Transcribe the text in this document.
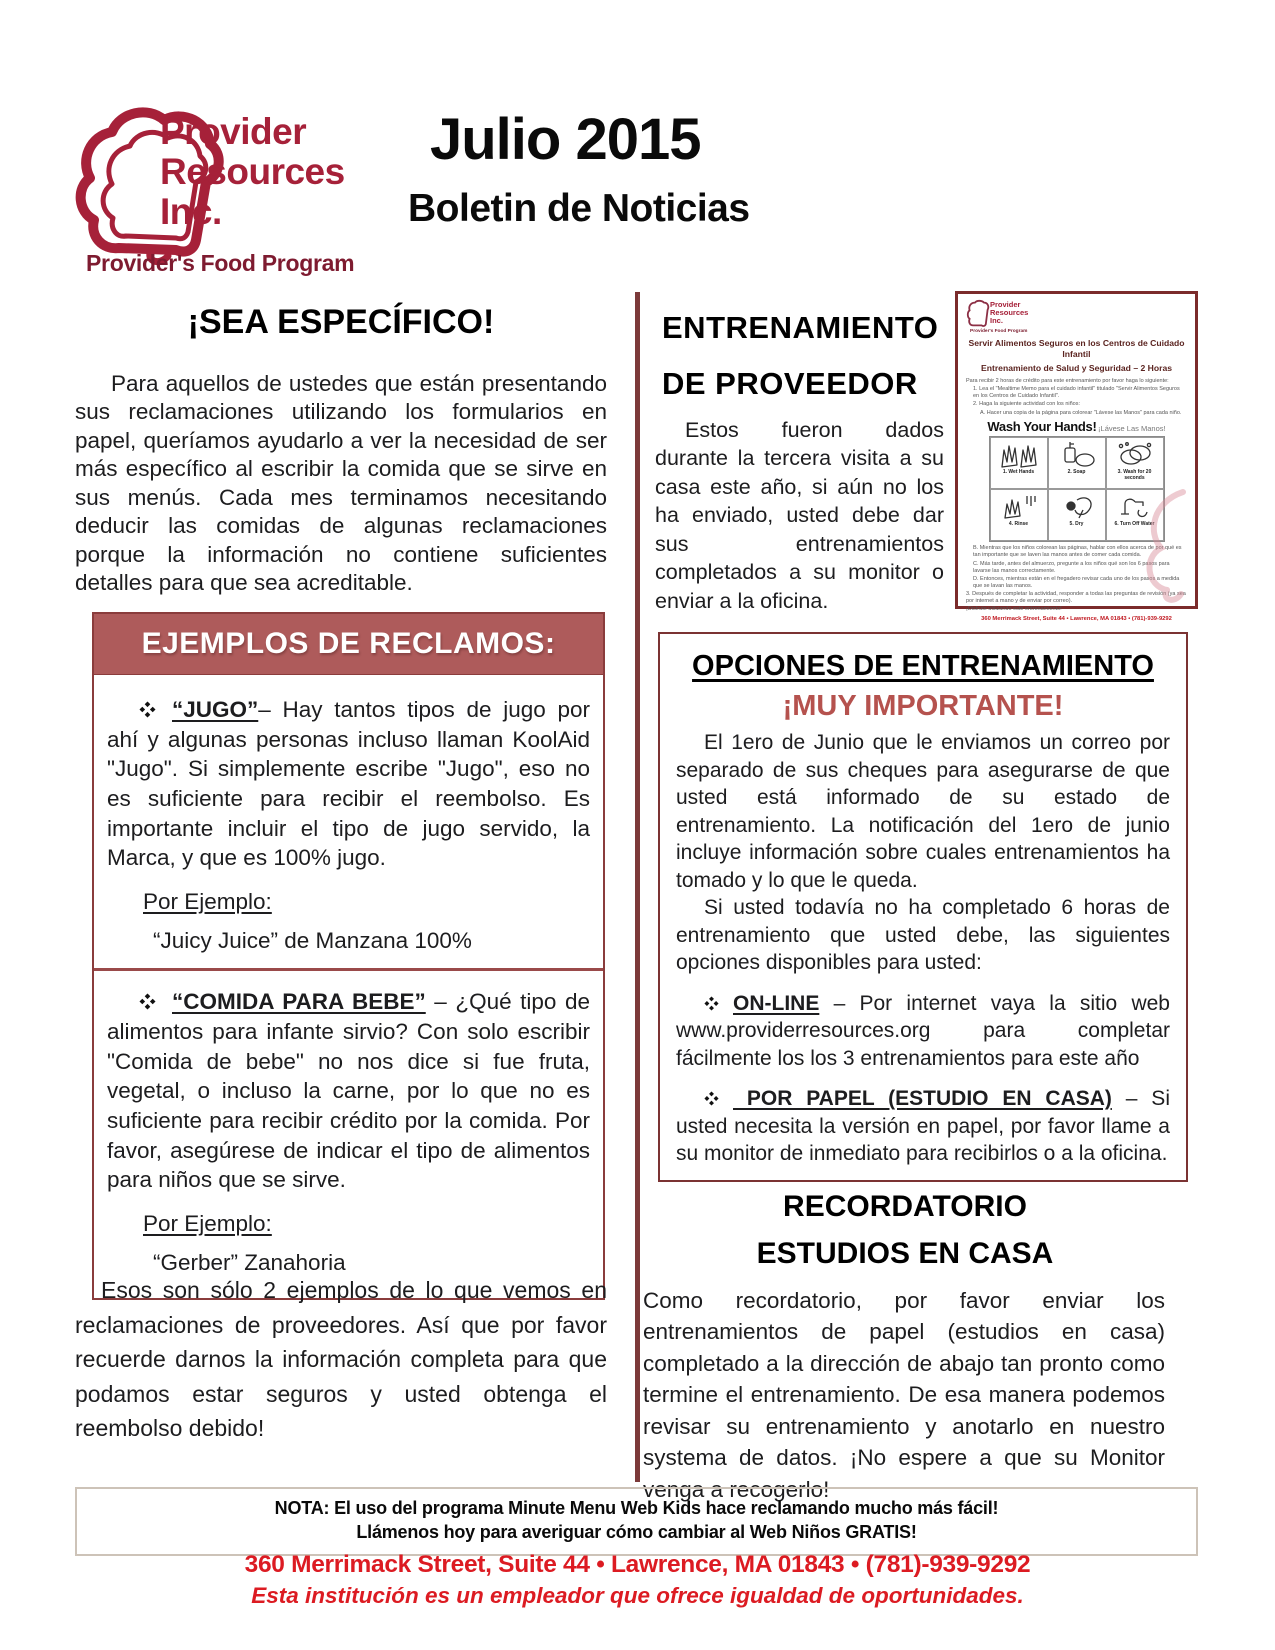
Provider
Resources
Inc.
Provider's Food Program
Julio 2015
Boletin de Noticias
¡SEA ESPECÍFICO!

Para aquellos de ustedes que están presentando sus reclamaciones utilizando los formularios en papel, queríamos ayudarlo a ver la necesidad de ser más específico al escribir la comida que se sirve en sus menús. Cada mes terminamos necesitando deducir las comidas de algunas reclamaciones porque la información no contiene suficientes detalles para que sea acreditable.

EJEMPLOS DE RECLAMOS:

“JUGO”– Hay tantos tipos de jugo por ahí y algunas personas incluso llaman KoolAid "Jugo". Si simplemente escribe "Jugo", eso no es suficiente para recibir el reembolso. Es importante incluir el tipo de jugo servido, la Marca, y que es 100% jugo.

Por Ejemplo:
“Juicy Juice” de Manzana 100%

“COMIDA PARA BEBE” – ¿Qué tipo de alimentos para infante sirvio? Con solo escribir "Comida de bebe" no nos dice si fue fruta, vegetal, o incluso la carne, por lo que no es suficiente para recibir crédito por la comida. Por favor, asegúrese de indicar el tipo de alimentos para niños que se sirve.

Por Ejemplo:
“Gerber” Zanahoria

Esos son sólo 2 ejemplos de lo que vemos en reclamaciones de proveedores. Así que por favor recuerde darnos la información completa para que podamos estar seguros y usted obtenga el reembolso debido!

ENTRENAMIENTO
DE PROVEEDOR

Estos fueron dados durante la tercera visita a su casa este año, si aún no los ha enviado, usted debe dar sus entrenamientos completados a su monitor o enviar a la oficina.

Provider
Resources
Inc.
Provider's Food Program
Servir Alimentos Seguros en los Centros de Cuidado Infantil
Entrenamiento de Salud y Seguridad – 2 Horas
Para recibir 2 horas de crédito para este entrenamiento por favor haga lo siguiente:
1. Lea el "Mealtime Memo para el cuidado infantil" titulado "Servir Alimentos Seguros en los Centros de Cuidado Infantil".
2. Haga la siguiente actividad con los niños:
A. Hacer una copia de la página para colorear "Lávese las Manos" para cada niño.
Wash Your Hands! ¡Lávese Las Manos!
1. Wet Hands	2. Soap	3. Wash for 20 seconds
4. Rinse	5. Dry	6. Turn Off Water
B. Mientras que los niños colorean las páginas, hablar con ellos acerca de por qué es tan importante que se laven las manos antes de comer cada comida.
C. Más tarde, antes del almuerzo, pregunte a los niños qué son los 6 pasos para lavarse las manos correctamente.
D. Entonces, mientras están en el fregadero revisar cada uno de los pasos a medida que se lavan las manos.
3. Después de completar la actividad, responder a todas las preguntas de revisión (ya sea por internet a mano y de enviar por correo).
¡Disfrute utilizando este entrenamiento!
360 Merrimack Street, Suite 44 • Lawrence, MA 01843 • (781)-939-9292
OPCIONES DE ENTRENAMIENTO
¡MUY IMPORTANTE!

El 1ero de Junio que le enviamos un correo por separado de sus cheques para asegurarse de que usted está informado de su estado de entrenamiento. La notificación del 1ero de junio incluye información sobre cuales entrenamientos ha tomado y lo que le queda.

Si usted todavía no ha completado 6 horas de entrenamiento que usted debe, las siguientes opciones disponibles para usted:

ON-LINE – Por internet vaya la sitio web www.providerresources.org para completar fácilmente los los 3 entrenamientos para este año

POR PAPEL (ESTUDIO EN CASA) – Si usted necesita la versión en papel, por favor llame a su monitor de inmediato para recibirlos o a la oficina.

RECORDATORIO
ESTUDIOS EN CASA

Como recordatorio, por favor enviar los entrenamientos de papel (estudios en casa) completado a la dirección de abajo tan pronto como termine el entrenamiento. De esa manera podemos revisar su entrenamiento y anotarlo en nuestro systema de datos. ¡No espere a que su Monitor venga a recogerlo!

NOTA: El uso del programa Minute Menu Web Kids hace reclamando mucho más fácil!
Llámenos hoy para averiguar cómo cambiar al Web Niños GRATIS!
360 Merrimack Street, Suite 44 • Lawrence, MA 01843 • (781)-939-9292
Esta institución es un empleador que ofrece igualdad de oportunidades.
